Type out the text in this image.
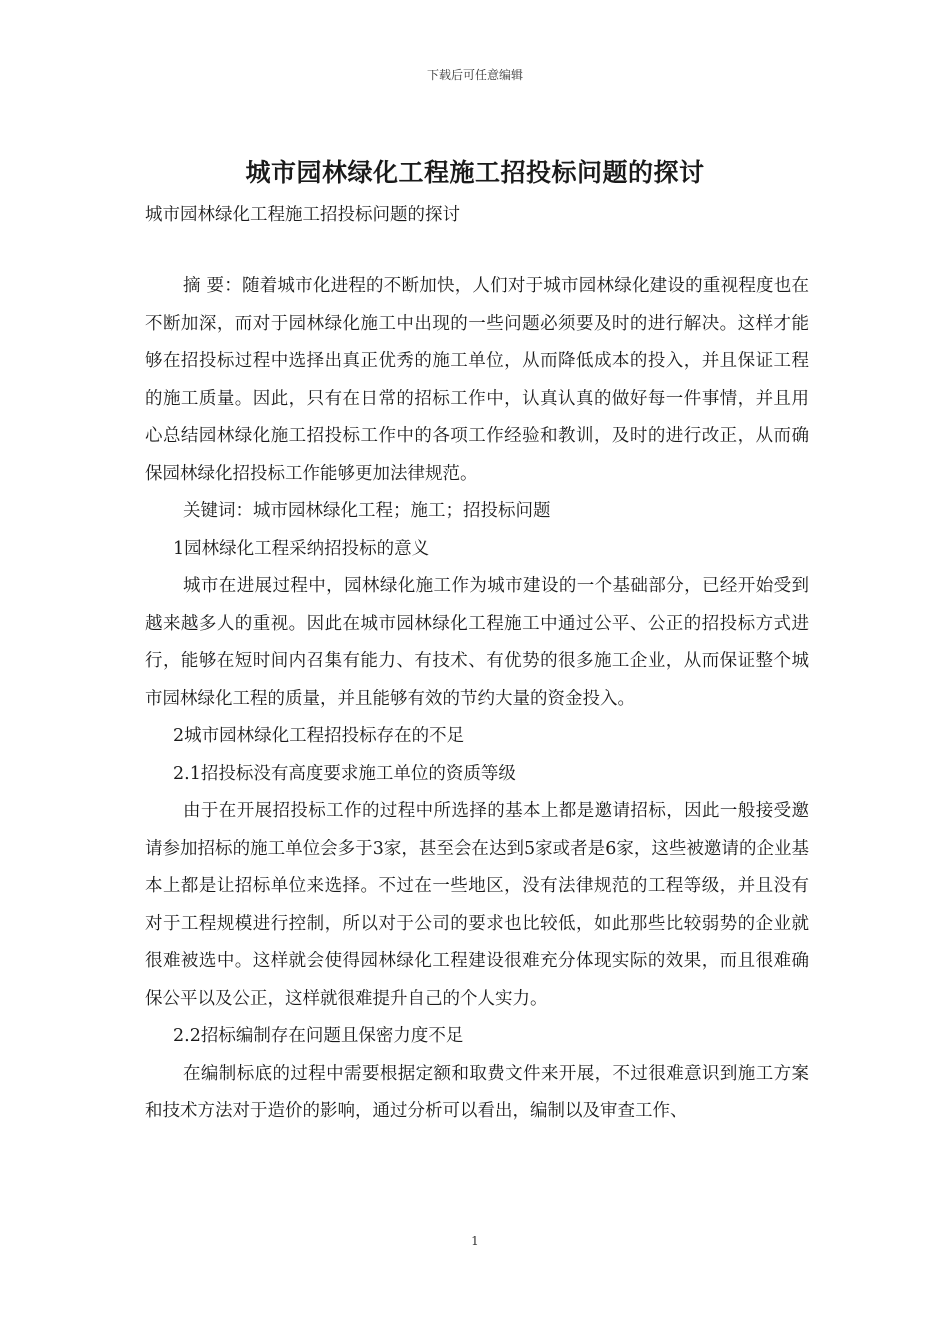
下载后可任意编辑
城市园林绿化工程施工招投标问题的探讨
城市园林绿化工程施工招投标问题的探讨

摘 要：随着城市化进程的不断加快，人们对于城市园林绿化建设的重视程度也在不断加深，而对于园林绿化施工中出现的一些问题必须要及时的进行解决。这样才能够在招投标过程中选择出真正优秀的施工单位，从而降低成本的投入，并且保证工程的施工质量。因此，只有在日常的招标工作中，认真认真的做好每一件事情，并且用心总结园林绿化施工招投标工作中的各项工作经验和教训，及时的进行改正，从而确保园林绿化招投标工作能够更加法律规范。

关键词：城市园林绿化工程；施工；招投标问题

1园林绿化工程采纳招投标的意义

城市在进展过程中，园林绿化施工作为城市建设的一个基础部分，已经开始受到越来越多人的重视。因此在城市园林绿化工程施工中通过公平、公正的招投标方式进行，能够在短时间内召集有能力、有技术、有优势的很多施工企业，从而保证整个城市园林绿化工程的质量，并且能够有效的节约大量的资金投入。

2城市园林绿化工程招投标存在的不足

2.1招投标没有高度要求施工单位的资质等级

由于在开展招投标工作的过程中所选择的基本上都是邀请招标，因此一般接受邀请参加招标的施工单位会多于3家，甚至会在达到5家或者是6家，这些被邀请的企业基本上都是让招标单位来选择。不过在一些地区，没有法律规范的工程等级，并且没有对于工程规模进行控制，所以对于公司的要求也比较低，如此那些比较弱势的企业就很难被选中。这样就会使得园林绿化工程建设很难充分体现实际的效果，而且很难确保公平以及公正，这样就很难提升自己的个人实力。

2.2招标编制存在问题且保密力度不足

在编制标底的过程中需要根据定额和取费文件来开展，不过很难意识到施工方案和技术方法对于造价的影响，通过分析可以看出，编制以及审查工作、

1
